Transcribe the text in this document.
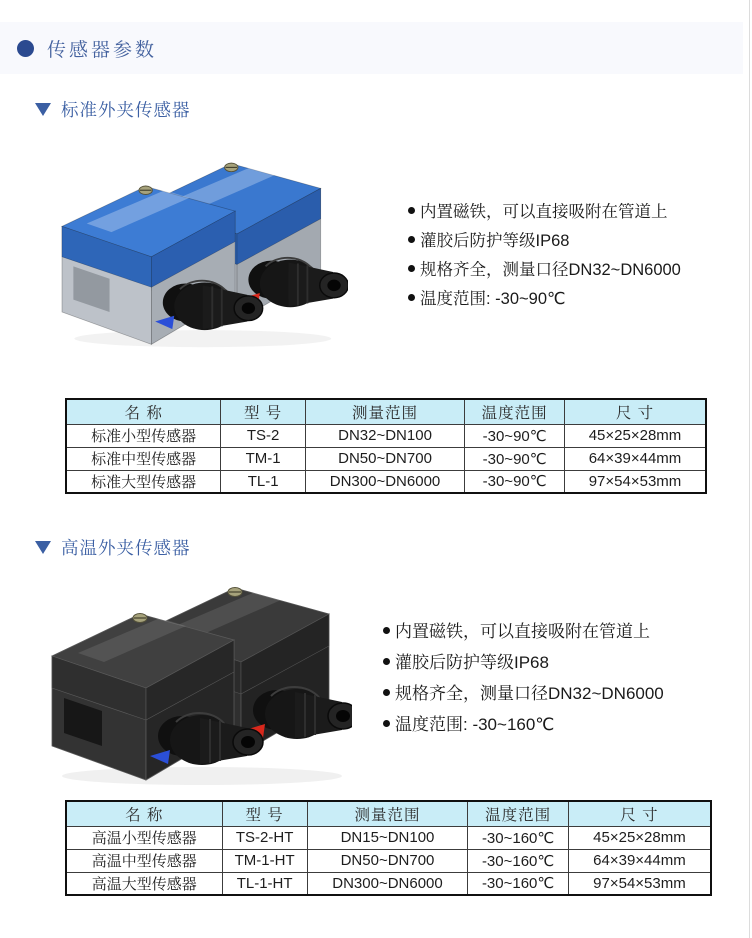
传感器参数
标准外夹传感器
内置磁铁，可以直接吸附在管道上
灌胶后防护等级IP68
规格齐全，测量口径DN32~DN6000
温度范围: -30~90℃
名 称	型 号	测量范围	温度范围	尺 寸
标准小型传感器	TS-2	DN32~DN100	-30~90℃	45×25×28mm
标准中型传感器	TM-1	DN50~DN700	-30~90℃	64×39×44mm
标准大型传感器	TL-1	DN300~DN6000	-30~90℃	97×54×53mm
高温外夹传感器
内置磁铁，可以直接吸附在管道上
灌胶后防护等级IP68
规格齐全，测量口径DN32~DN6000
温度范围: -30~160℃
名 称	型 号	测量范围	温度范围	尺 寸
高温小型传感器	TS-2-HT	DN15~DN100	-30~160℃	45×25×28mm
高温中型传感器	TM-1-HT	DN50~DN700	-30~160℃	64×39×44mm
高温大型传感器	TL-1-HT	DN300~DN6000	-30~160℃	97×54×53mm
